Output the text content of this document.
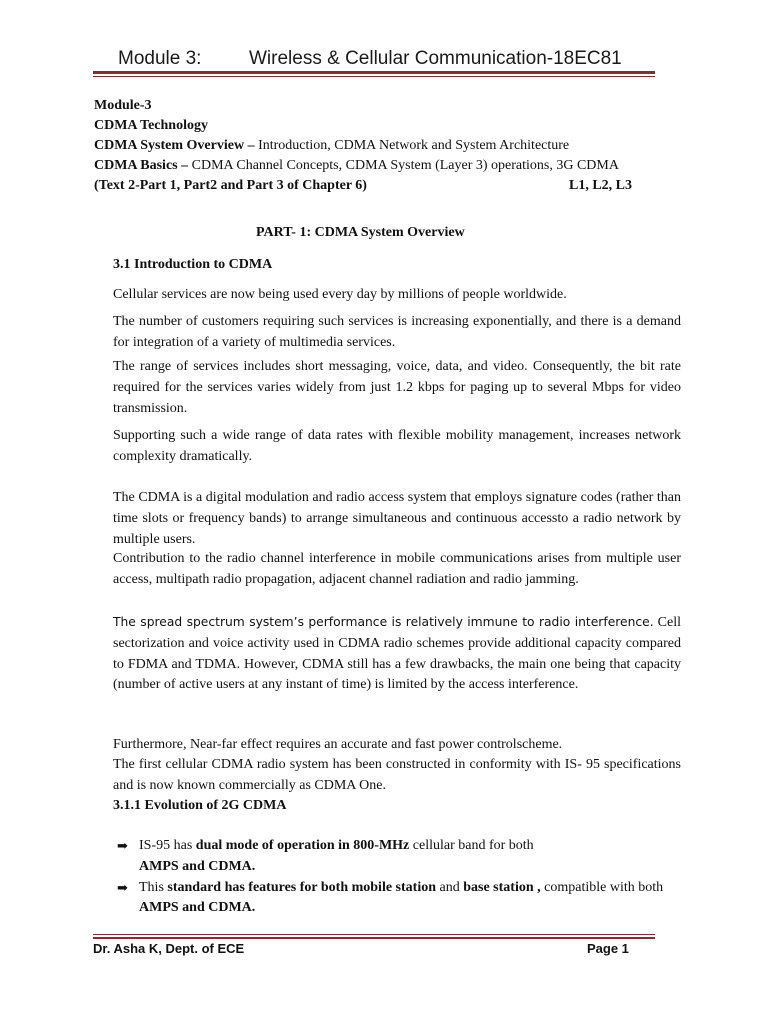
Module 3:	Wireless & Cellular Communication-18EC81

Module-3

CDMA Technology

CDMA System Overview – Introduction, CDMA Network and System Architecture

CDMA Basics – CDMA Channel Concepts, CDMA System (Layer 3) operations, 3G CDMA

(Text 2-Part 1, Part2 and Part 3 of Chapter 6)	L1, L2, L3

PART- 1: CDMA System Overview
3.1 Introduction to CDMA

Cellular services are now being used every day by millions of people worldwide.

The number of customers requiring such services is increasing exponentially, and there is a demand for integration of a variety of multimedia services.

The range of services includes short messaging, voice, data, and video. Consequently, the bit rate required for the services varies widely from just 1.2 kbps for paging up to several Mbps for video transmission.

Supporting such a wide range of data rates with flexible mobility management, increases network complexity dramatically.

The CDMA is a digital modulation and radio access system that employs signature codes (rather than time slots or frequency bands) to arrange simultaneous and continuous accessto a radio network by multiple users.

Contribution to the radio channel interference in mobile communications arises from multiple user access, multipath radio propagation, adjacent channel radiation and radio jamming.

The spread spectrum system’s performance is relatively immune to radio interference. Cell sectorization and voice activity used in CDMA radio schemes provide additional capacity compared to FDMA and TDMA. However, CDMA still has a few drawbacks, the main one being that capacity (number of active users at any instant of time) is limited by the access interference.

Furthermore, Near-far effect requires an accurate and fast power controlscheme.

The first cellular CDMA radio system has been constructed in conformity with IS- 95 specifications and is now known commercially as CDMA One.

3.1.1 Evolution of 2G CDMA

➡ IS-95 has dual mode of operation in 800-MHz cellular band for both
AMPS and CDMA.
➡ This standard has features for both mobile station and base station , compatible with both AMPS and CDMA.
Dr. Asha K, Dept. of ECE	Page 1
